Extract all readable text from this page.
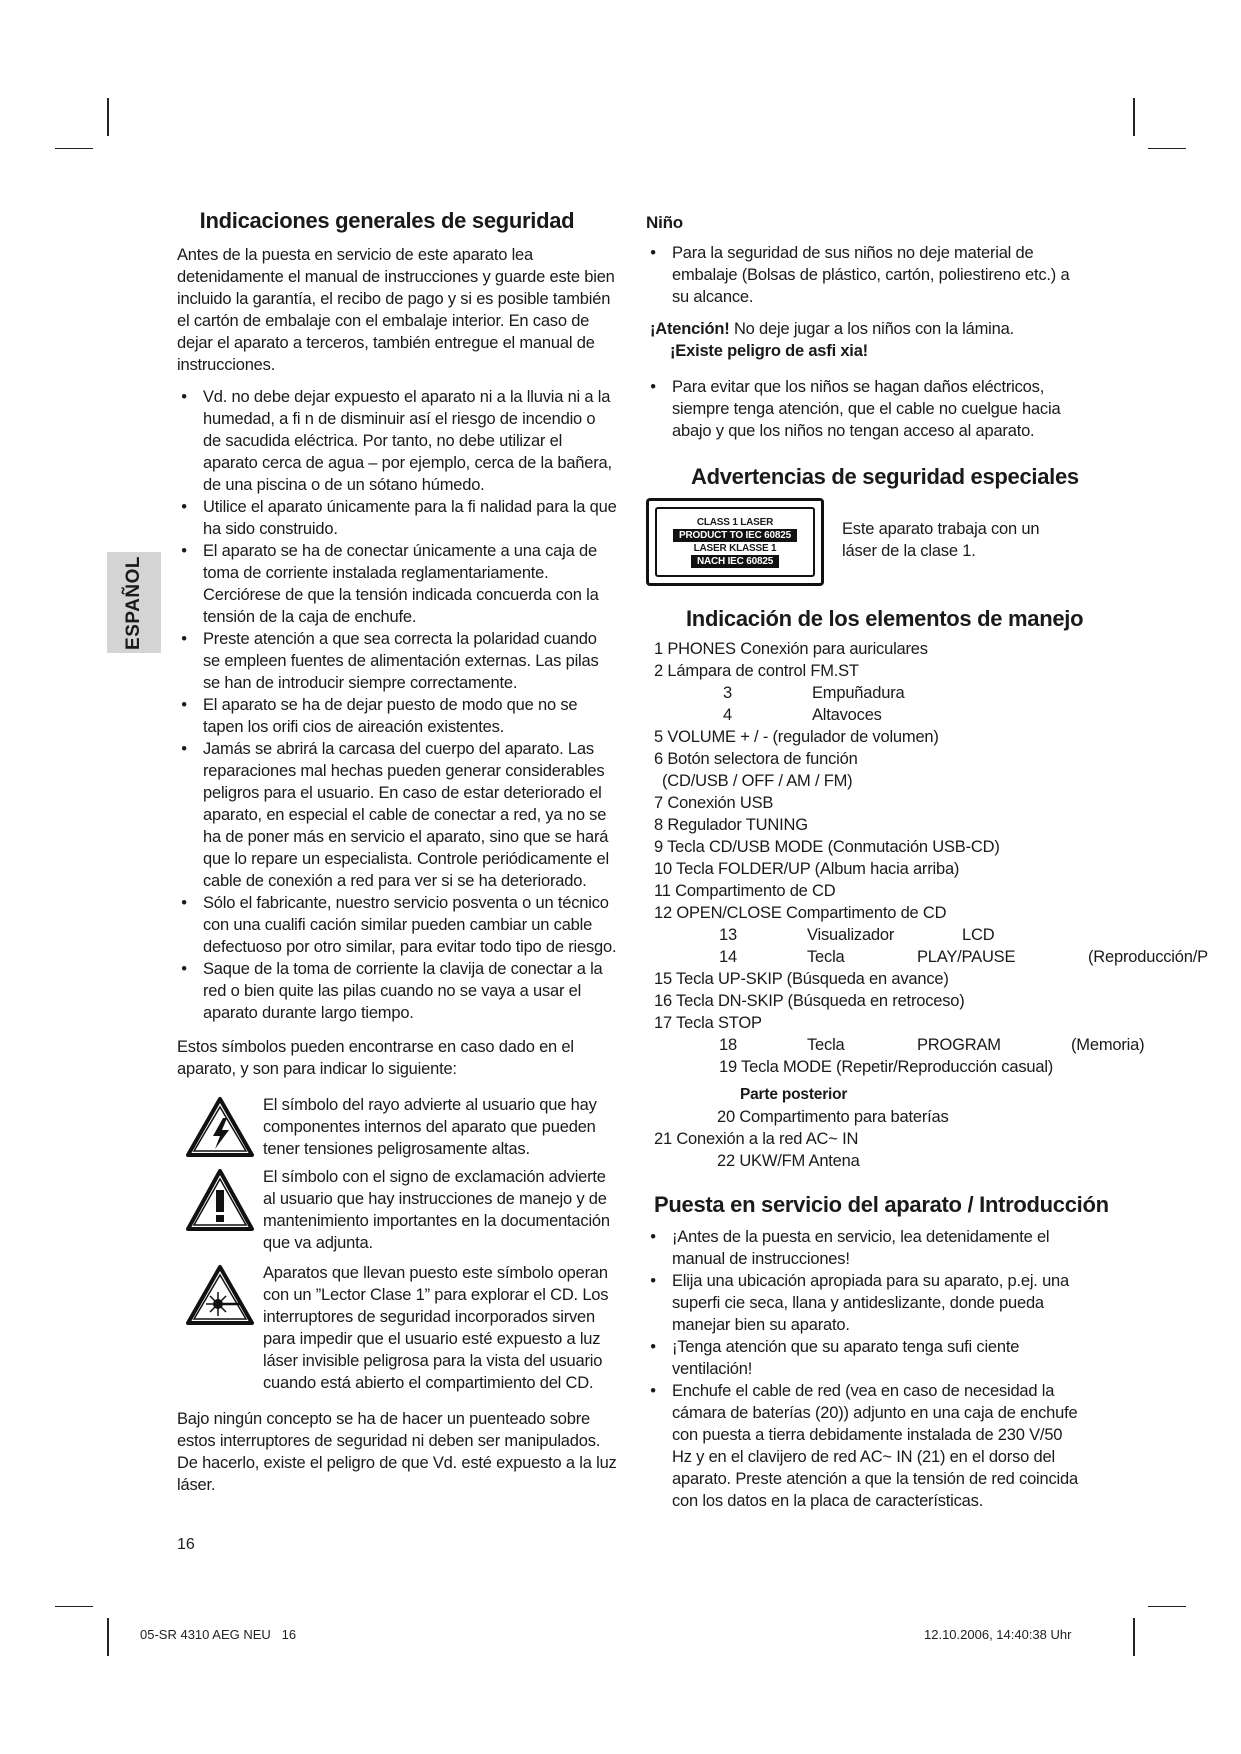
ESPAÑOL
Indicaciones generales de seguridad

Antes de la puesta en servicio de este aparato lea detenidamente el manual de instrucciones y guarde este bien incluido la garantía, el recibo de pago y si es posible también el cartón de embalaje con el embalaje interior. En caso de dejar el aparato a terceros, también entregue el manual de instrucciones.

• Vd. no debe dejar expuesto el aparato ni a la lluvia ni a la humedad, a fi n de disminuir así el riesgo de incendio o de sacudida eléctrica. Por tanto, no debe utilizar el aparato cerca de agua – por ejemplo, cerca de la bañera, de una piscina o de un sótano húmedo.
• Utilice el aparato únicamente para la fi nalidad para la que ha sido construido.
• El aparato se ha de conectar únicamente a una caja de toma de corriente instalada reglamentariamente. Cerciórese de que la tensión indicada concuerda con la tensión de la caja de enchufe.
• Preste atención a que sea correcta la polaridad cuando se empleen fuentes de alimentación externas. Las pilas se han de introducir siempre correctamente.
• El aparato se ha de dejar puesto de modo que no se tapen los orifi cios de aireación existentes.
• Jamás se abrirá la carcasa del cuerpo del aparato. Las reparaciones mal hechas pueden generar considerables peligros para el usuario. En caso de estar deteriorado el aparato, en especial el cable de conectar a red, ya no se ha de poner más en servicio el aparato, sino que se hará que lo repare un especialista. Controle periódicamente el cable de conexión a red para ver si se ha deteriorado.
• Sólo el fabricante, nuestro servicio posventa o un técnico con una cualifi cación similar pueden cambiar un cable defectuoso por otro similar, para evitar todo tipo de riesgo.
• Saque de la toma de corriente la clavija de conectar a la red o bien quite las pilas cuando no se vaya a usar el aparato durante largo tiempo.

Estos símbolos pueden encontrarse en caso dado en el aparato, y son para indicar lo siguiente:

El símbolo del rayo advierte al usuario que hay componentes internos del aparato que pueden tener tensiones peligrosamente altas.
El símbolo con el signo de exclamación advierte al usuario que hay instrucciones de manejo y de mantenimiento importantes en la documentación que va adjunta.
Aparatos que llevan puesto este símbolo operan con un ”Lector Clase 1” para explorar el CD. Los interruptores de seguridad incorporados sirven para impedir que el usuario esté expuesto a luz láser invisible peligrosa para la vista del usuario cuando está abierto el compartimiento del CD.

Bajo ningún concepto se ha de hacer un puenteado sobre estos interruptores de seguridad ni deben ser manipulados. De hacerlo, existe el peligro de que Vd. esté expuesto a la luz láser.

Niño
• Para la seguridad de sus niños no deje material de embalaje (Bolsas de plástico, cartón, poliestireno etc.) a su alcance.
¡Atención! No deje jugar a los niños con la lámina.
¡Existe peligro de asfi xia!
• Para evitar que los niños se hagan daños eléctricos, siempre tenga atención, que el cable no cuelgue hacia abajo y que los niños no tengan acceso al aparato.
Advertencias de seguridad especiales
CLASS 1 LASER
PRODUCT TO IEC 60825
LASER KLASSE 1
NACH IEC 60825
Este aparato trabaja con un láser de la clase 1.
Indicación de los elementos de manejo
1 PHONES Conexión para auriculares
2 Lámpara de control FM.ST
3	Empuñadura
4	Altavoces
5 VOLUME + / - (regulador de volumen)
6 Botón selectora de función
(CD/USB / OFF / AM / FM)
7 Conexión USB
8 Regulador TUNING
9 Tecla CD/USB MODE (Conmutación USB-CD)
10 Tecla FOLDER/UP (Album hacia arriba)
11 Compartimento de CD
12 OPEN/CLOSE Compartimento de CD
13	Visualizador	LCD
14	Tecla	PLAY/PAUSE	(Reproducción/P
15 Tecla UP-SKIP (Búsqueda en avance)
16 Tecla DN-SKIP (Búsqueda en retroceso)
17 Tecla STOP
18	Tecla	PROGRAM	(Memoria)
19 Tecla MODE (Repetir/Reproducción casual)
Parte posterior
20 Compartimento para baterías
21 Conexión a la red AC~ IN
22 UKW/FM Antena
Puesta en servicio del aparato / Introducción
• ¡Antes de la puesta en servicio, lea detenidamente el manual de instrucciones!
• Elija una ubicación apropiada para su aparato, p.ej. una superfi cie seca, llana y antideslizante, donde pueda manejar bien su aparato.
• ¡Tenga atención que su aparato tenga sufi ciente ventilación!
• Enchufe el cable de red (vea en caso de necesidad la cámara de baterías (20)) adjunto en una caja de enchufe con puesta a tierra debidamente instalada de 230 V/50 Hz y en el clavijero de red AC~ IN (21) en el dorso del aparato. Preste atención a que la tensión de red coincida con los datos en la placa de características.
16
05-SR 4310 AEG NEU   16	12.10.2006, 14:40:38 Uhr
